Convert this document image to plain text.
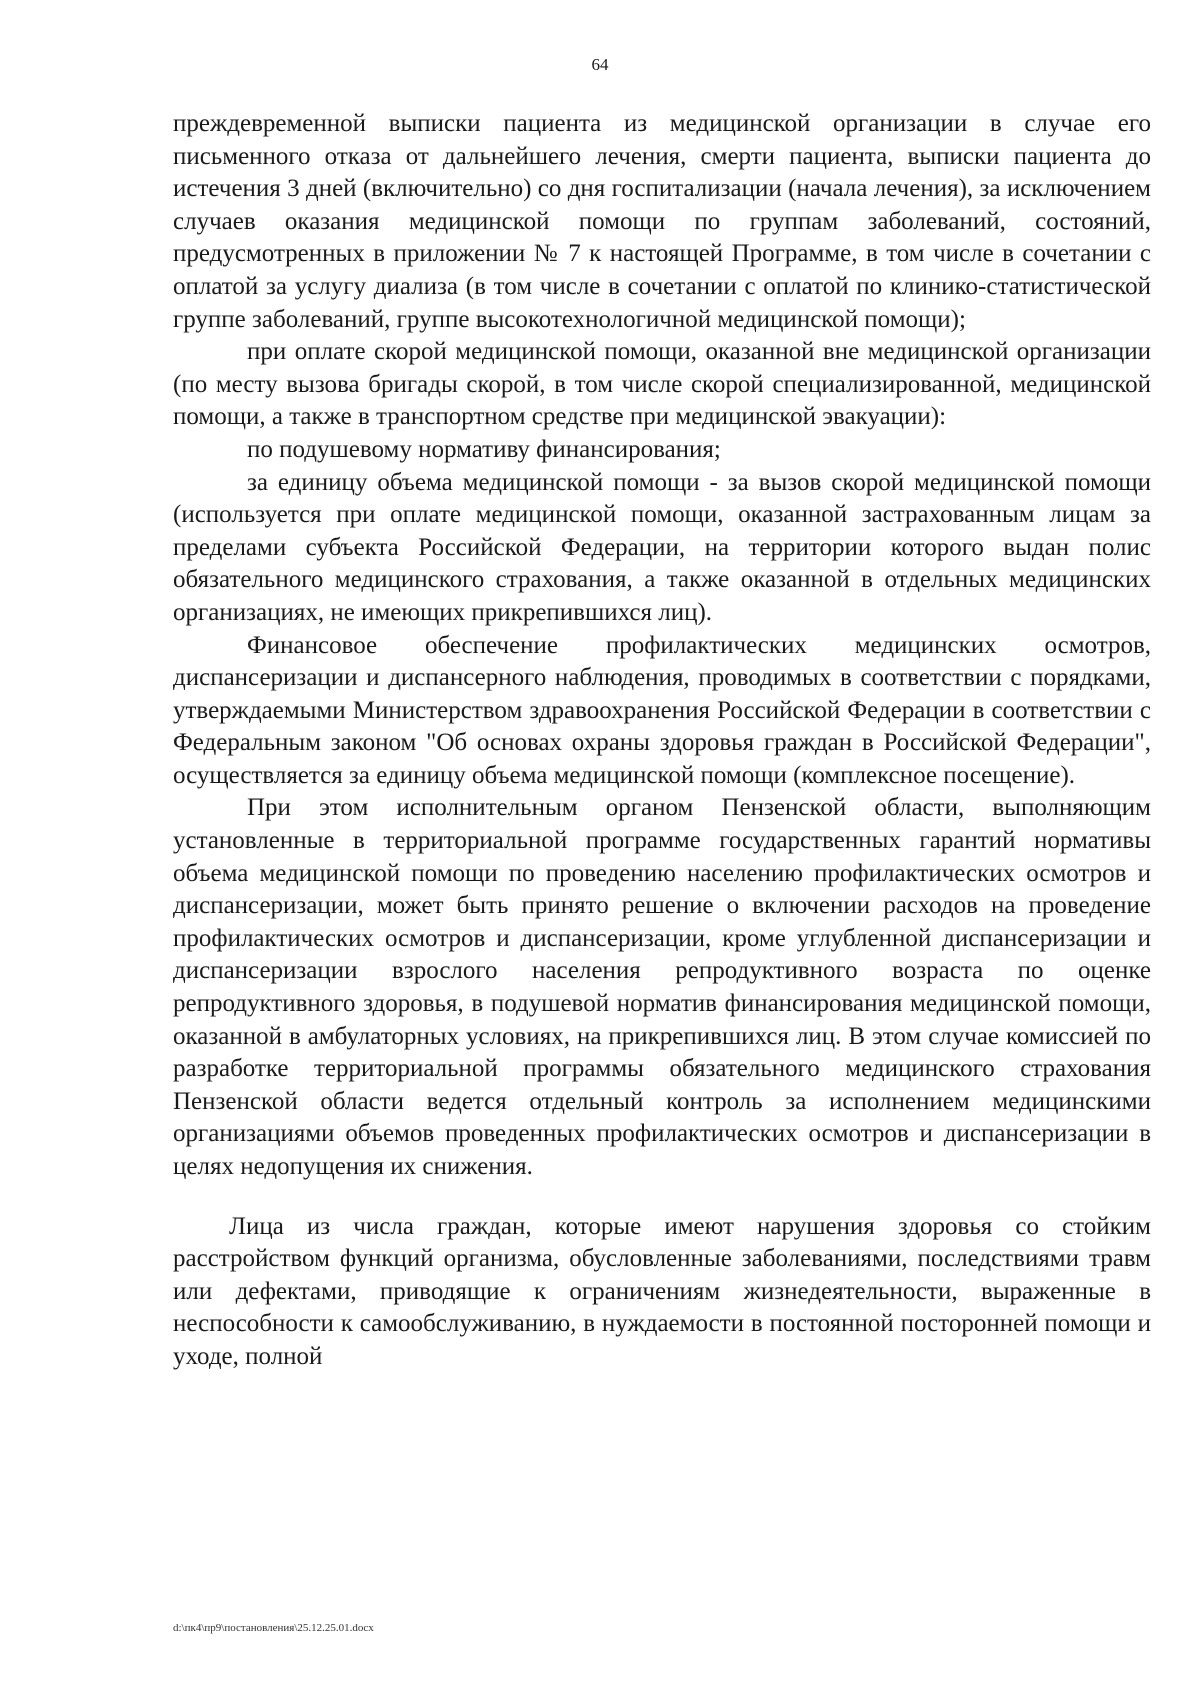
64

преждевременной выписки пациента из медицинской организации в случае его письменного отказа от дальнейшего лечения, смерти пациента, выписки пациента до истечения 3 дней (включительно) со дня госпитализации (начала лечения), за исключением случаев оказания медицинской помощи по группам заболеваний, состояний, предусмотренных в приложении № 7 к настоящей Программе, в том числе в сочетании с оплатой за услугу диализа (в том числе в сочетании с оплатой по клинико-статистической группе заболеваний, группе высокотехнологичной медицинской помощи);

при оплате скорой медицинской помощи, оказанной вне медицинской организации (по месту вызова бригады скорой, в том числе скорой специализированной, медицинской помощи, а также в транспортном средстве при медицинской эвакуации):

по подушевому нормативу финансирования;

за единицу объема медицинской помощи - за вызов скорой медицинской помощи (используется при оплате медицинской помощи, оказанной застрахованным лицам за пределами субъекта Российской Федерации, на территории которого выдан полис обязательного медицинского страхования, а также оказанной в отдельных медицинских организациях, не имеющих прикрепившихся лиц).

Финансовое обеспечение профилактических медицинских осмотров, диспансеризации и диспансерного наблюдения, проводимых в соответствии с порядками, утверждаемыми Министерством здравоохранения Российской Федерации в соответствии с Федеральным законом "Об основах охраны здоровья граждан в Российской Федерации", осуществляется за единицу объема медицинской помощи (комплексное посещение).

При этом исполнительным органом Пензенской области, выполняющим установленные в территориальной программе государственных гарантий нормативы объема медицинской помощи по проведению населению профилактических осмотров и диспансеризации, может быть принято решение о включении расходов на проведение профилактических осмотров и диспансеризации, кроме углубленной диспансеризации и диспансеризации взрослого населения репродуктивного возраста по оценке репродуктивного здоровья, в подушевой норматив финансирования медицинской помощи, оказанной в амбулаторных условиях, на прикрепившихся лиц. В этом случае комиссией по разработке территориальной программы обязательного медицинского страхования Пензенской области ведется отдельный контроль за исполнением медицинскими организациями объемов проведенных профилактических осмотров и диспансеризации в целях недопущения их снижения.

Лица из числа граждан, которые имеют нарушения здоровья со стойким расстройством функций организма, обусловленные заболеваниями, последствиями травм или дефектами, приводящие к ограничениям жизнедеятельности, выраженные в неспособности к самообслуживанию, в нуждаемости в постоянной посторонней помощи и уходе, полной

d:\пк4\пр9\постановления\25.12.25.01.docx
